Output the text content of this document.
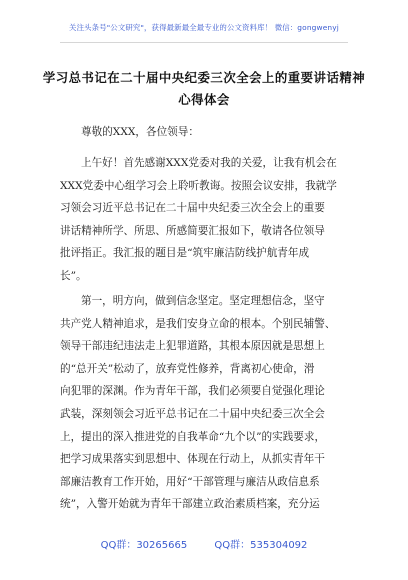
关注头条号"公文研究"，获得最新最全最专业的公文资料库！ 微信：gongwenyj
学习总书记在二十届中央纪委三次全会上的重要讲话精神
心得体会
尊敬的XXX，各位领导：
上午好！首先感谢XXX党委对我的关爱，让我有机会在
XXX党委中心组学习会上聆听教诲。按照会议安排，我就学
习领会习近平总书记在二十届中央纪委三次全会上的重要
讲话精神所学、所思、所感简要汇报如下，敬请各位领导
批评指正。我汇报的题目是“筑牢廉洁防线护航青年成
长”。
第一，明方向，做到信念坚定。坚定理想信念，坚守
共产党人精神追求，是我们安身立命的根本。个别民辅警、
领导干部违纪违法走上犯罪道路，其根本原因就是思想上
的“总开关”松动了，放弃党性修养，背离初心使命，滑
向犯罪的深渊。作为青年干部，我们必须要自觉强化理论
武装，深刻领会习近平总书记在二十届中央纪委三次全会
上，提出的深入推进党的自我革命“九个以”的实践要求，
把学习成果落实到思想中、体现在行动上，从抓实青年干
部廉洁教育工作开始，用好“干部管理与廉洁从政信息系
统”，入警开始就为青年干部建立政治素质档案，充分运
QQ群：30265665	QQ群：535304092
